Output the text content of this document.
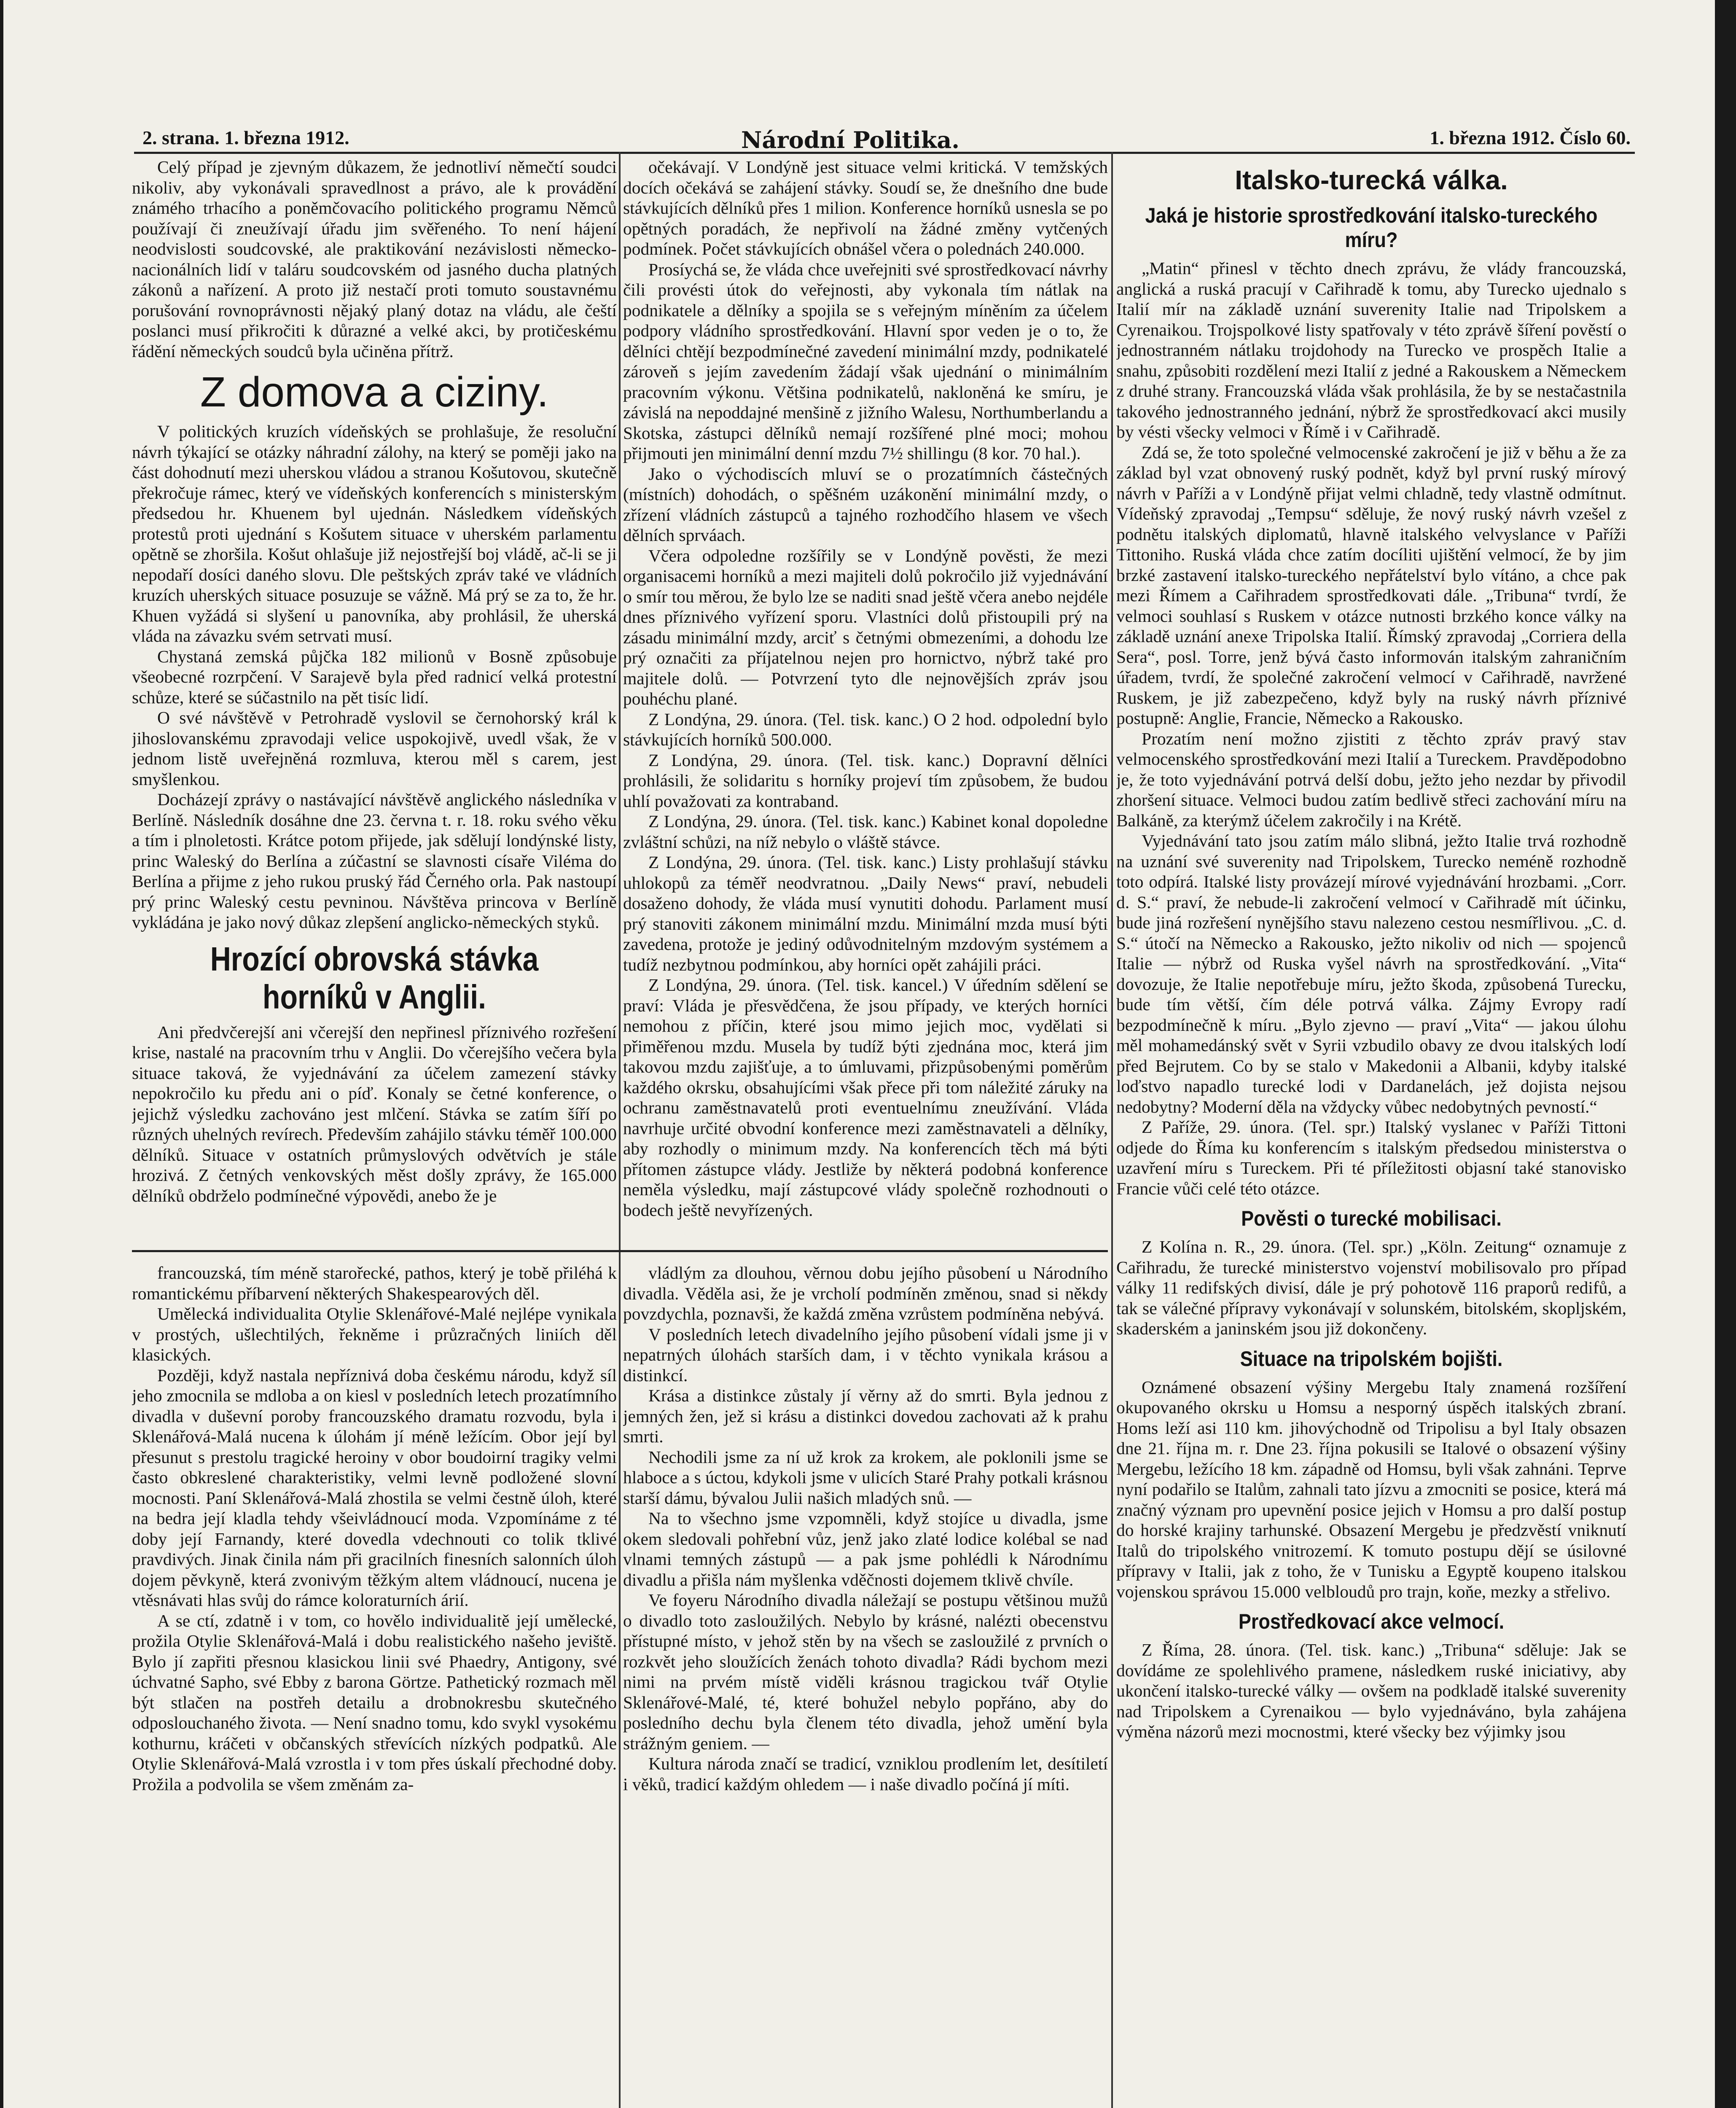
2. strana. 1. března 1912.	Národní Politika.	1. března 1912. Číslo 60.

Celý případ je zjevným důkazem, že jednotliví němečtí soudci nikoliv, aby vykonávali spravedlnost a právo, ale k provádění známého trhacího a poněmčovacího politického programu Němců používají či zneužívají úřadu jim svěřeného. To není hájení neodvislosti soudcovské, ale praktikování nezávislosti německo-nacionálních lidí v taláru soudcovském od jasného ducha platných zákonů a nařízení. A proto již nestačí proti tomuto soustavnému porušování rovnoprávnosti nějaký planý dotaz na vládu, ale čeští poslanci musí přikročiti k důrazné a velké akci, by protičeskému řádění německých soudců byla učiněna přítrž.

Z domova a ciziny.

V politických kruzích vídeňských se prohlašuje, že resoluční návrh týkající se otázky náhradní zálohy, na který se poměji jako na část dohodnutí mezi uherskou vládou a stranou Košutovou, skutečně překročuje rámec, který ve vídeňských konferencích s ministerským předsedou hr. Khuenem byl ujednán. Následkem vídeňských protestů proti ujednání s Košutem situace v uherském parlamentu opětně se zhoršila. Košut ohlašuje již nejostřejší boj vládě, ač-li se ji nepodaří dosíci daného slovu. Dle peštských zpráv také ve vládních kruzích uherských situace posuzuje se vážně. Má prý se za to, že hr. Khuen vyžádá si slyšení u panovníka, aby prohlásil, že uherská vláda na závazku svém setrvati musí.

Chystaná zemská půjčka 182 milionů v Bosně způsobuje všeobecné rozrpčení. V Sarajevě byla před radnicí velká protestní schůze, které se súčastnilo na pět tisíc lidí.

O své návštěvě v Petrohradě vyslovil se černohorský král k jihoslovanskému zpravodaji velice uspokojivě, uvedl však, že v jednom listě uveřejněná rozmluva, kterou měl s carem, jest smyšlenkou.

Docházejí zprávy o nastávající návštěvě anglického následníka v Berlíně. Následník dosáhne dne 23. června t. r. 18. roku svého věku a tím i plnoletosti. Krátce potom přijede, jak sdělují londýnské listy, princ Waleský do Berlína a zúčastní se slavnosti císaře Viléma do Berlína a přijme z jeho rukou pruský řád Černého orla. Pak nastoupí prý princ Waleský cestu pevninou. Návštěva princova v Berlíně vykládána je jako nový důkaz zlepšení anglicko-německých styků.

Hrozící obrovská stávka horníků v Anglii.

Ani předvčerejší ani včerejší den nepřinesl příznivého rozřešení krise, nastalé na pracovním trhu v Anglii. Do včerejšího večera byla situace taková, že vyjednávání za účelem zamezení stávky nepokročilo ku předu ani o píď. Konaly se četné konference, o jejichž výsledku zachováno jest mlčení. Stávka se zatím šíří po různých uhelných revírech. Především zahájilo stávku téměř 100.000 dělníků. Situace v ostatních průmyslových odvětvích je stále hrozivá. Z četných venkovských měst došly zprávy, že 165.000 dělníků obdrželo podmínečné výpovědi, anebo že je

očekávají. V Londýně jest situace velmi kritická. V temžských docích očekává se zahájení stávky. Soudí se, že dnešního dne bude stávkujících dělníků přes 1 milion. Konference horníků usnesla se po opětných poradách, že nepřivolí na žádné změny vytčených podmínek. Počet stávkujících obnášel včera o polednách 240.000.

Prosíychá se, že vláda chce uveřejniti své sprostředkovací návrhy čili provésti útok do veřejnosti, aby vykonala tím nátlak na podnikatele a dělníky a spojila se s veřejným míněním za účelem podpory vládního sprostředkování. Hlavní spor veden je o to, že dělníci chtějí bezpodmínečné zavedení minimální mzdy, podnikatelé zároveň s jejím zavedením žádají však ujednání o minimálním pracovním výkonu. Většina podnikatelů, nakloněná ke smíru, je závislá na nepoddajné menšině z jižního Walesu, Northumberlandu a Skotska, zástupci dělníků nemají rozšířené plné moci; mohou přijmouti jen minimální denní mzdu 7½ shillingu (8 kor. 70 hal.).

Jako o východiscích mluví se o prozatímních částečných (místních) dohodách, o spěšném uzákonění minimální mzdy, o zřízení vládních zástupců a tajného rozhodčího hlasem ve všech dělních sprváach.

Včera odpoledne rozšířily se v Londýně pověsti, že mezi organisacemi horníků a mezi majiteli dolů pokročilo již vyjednávání o smír tou měrou, že bylo lze se naditi snad ještě včera anebo nejdéle dnes příznivého vyřízení sporu. Vlastníci dolů přistoupili prý na zásadu minimální mzdy, arciť s četnými obmezeními, a dohodu lze prý označiti za příjatelnou nejen pro hornictvo, nýbrž také pro majitele dolů. — Potvrzení tyto dle nejnovějších zpráv jsou pouhéchu plané.

Z Londýna, 29. února. (Tel. tisk. kanc.) O 2 hod. odpolední bylo stávkujících horníků 500.000.

Z Londýna, 29. února. (Tel. tisk. kanc.) Dopravní dělníci prohlásili, že solidaritu s horníky projeví tím způsobem, že budou uhlí považovati za kontraband.

Z Londýna, 29. února. (Tel. tisk. kanc.) Kabinet konal dopoledne zvláštní schůzi, na níž nebylo o vláště stávce.

Z Londýna, 29. února. (Tel. tisk. kanc.) Listy prohlašují stávku uhlokopů za téměř neodvratnou. „Daily News“ praví, nebudeli dosaženo dohody, že vláda musí vynutiti dohodu. Parlament musí prý stanoviti zákonem minimální mzdu. Minimální mzda musí býti zavedena, protože je jediný odůvodnitelným mzdovým systémem a tudíž nezbytnou podmínkou, aby horníci opět zahájili práci.

Z Londýna, 29. února. (Tel. tisk. kancel.) V úředním sdělení se praví: Vláda je přesvědčena, že jsou případy, ve kterých horníci nemohou z příčin, které jsou mimo jejich moc, vydělati si přiměřenou mzdu. Musela by tudíž býti zjednána moc, která jim takovou mzdu zajišťuje, a to úmluvami, přizpůsobenými poměrům každého okrsku, obsahujícími však přece při tom náležité záruky na ochranu zaměstnavatelů proti eventuelnímu zneužívání. Vláda navrhuje určité obvodní konference mezi zaměstnavateli a dělníky, aby rozhodly o minimum mzdy. Na konferencích těch má býti přítomen zástupce vlády. Jestliže by některá podobná konference neměla výsledku, mají zástupcové vlády společně rozhodnouti o bodech ještě nevyřízených.

Italsko-turecká válka.
Jaká je historie sprostředkování italsko-tureckého míru?

„Matin“ přinesl v těchto dnech zprávu, že vlády francouzská, anglická a ruská pracují v Cařihradě k tomu, aby Turecko ujednalo s Italií mír na základě uznání suverenity Italie nad Tripolskem a Cyrenaikou. Trojspolkové listy spatřovaly v této zprávě šíření pověstí o jednostranném nátlaku trojdohody na Turecko ve prospěch Italie a snahu, způsobiti rozdělení mezi Italií z jedné a Rakouskem a Německem z druhé strany. Francouzská vláda však prohlásila, že by se nestačastnila takového jednostranného jednání, nýbrž že sprostředkovací akci musily by vésti všecky velmoci v Římě i v Cařihradě.

Zdá se, že toto společné velmocenské zakročení je již v běhu a že za základ byl vzat obnovený ruský podnět, když byl první ruský mírový návrh v Paříži a v Londýně přijat velmi chladně, tedy vlastně odmítnut. Vídeňský zpravodaj „Tempsu“ sděluje, že nový ruský návrh vzešel z podnětu italských diplomatů, hlavně italského velvyslance v Paříži Tittoniho. Ruská vláda chce zatím docíliti ujištění velmocí, že by jim brzké zastavení italsko-tureckého nepřátelství bylo vítáno, a chce pak mezi Římem a Cařihradem sprostředkovati dále. „Tribuna“ tvrdí, že velmoci souhlasí s Ruskem v otázce nutnosti brzkého konce války na základě uznání anexe Tripolska Italií. Římský zpravodaj „Corriera della Sera“, posl. Torre, jenž bývá často informován italským zahraničním úřadem, tvrdí, že společné zakročení velmocí v Cařihradě, navržené Ruskem, je již zabezpečeno, když byly na ruský návrh příznivé postupně: Anglie, Francie, Německo a Rakousko.

Prozatím není možno zjistiti z těchto zpráv pravý stav velmocenského sprostředkování mezi Italií a Tureckem. Pravděpodobno je, že toto vyjednávání potrvá delší dobu, ježto jeho nezdar by přivodil zhoršení situace. Velmoci budou zatím bedlivě střeci zachování míru na Balkáně, za kterýmž účelem zakročily i na Krétě.

Vyjednávání tato jsou zatím málo slibná, ježto Italie trvá rozhodně na uznání své suverenity nad Tripolskem, Turecko neméně rozhodně toto odpírá. Italské listy provázejí mírové vyjednávání hrozbami. „Corr. d. S.“ praví, že nebude-li zakročení velmocí v Cařihradě mít účinku, bude jiná rozřešení nynějšího stavu nalezeno cestou nesmířlivou. „C. d. S.“ útočí na Německo a Rakousko, ježto nikoliv od nich — spojenců Italie — nýbrž od Ruska vyšel návrh na sprostředkování. „Vita“ dovozuje, že Italie nepotřebuje míru, ježto škoda, způsobená Turecku, bude tím větší, čím déle potrvá válka. Zájmy Evropy radí bezpodmínečně k míru. „Bylo zjevno — praví „Vita“ — jakou úlohu měl mohamedánský svět v Syrii vzbudilo obavy ze dvou italských lodí před Bejrutem. Co by se stalo v Makedonii a Albanii, kdyby italské loďstvo napadlo turecké lodi v Dardanelách, jež dojista nejsou nedobytny? Moderní děla na vždycky vůbec nedobytných pevností.“

Z Paříže, 29. února. (Tel. spr.) Italský vyslanec v Paříži Tittoni odjede do Říma ku konferencím s italským předsedou ministerstva o uzavření míru s Tureckem. Při té příležitosti objasní také stanovisko Francie vůči celé této otázce.

Pověsti o turecké mobilisaci.

Z Kolína n. R., 29. února. (Tel. spr.) „Köln. Zeitung“ oznamuje z Cařihradu, že turecké ministerstvo vojenství mobilisovalo pro případ války 11 redifských divisí, dále je prý pohotově 116 praporů redifů, a tak se válečné přípravy vykonávají v solunském, bitolském, skopljském, skaderském a janinském jsou již dokončeny.

Situace na tripolském bojišti.

Oznámené obsazení výšiny Mergebu Italy znamená rozšíření okupovaného okrsku u Homsu a nesporný úspěch italských zbraní. Homs leží asi 110 km. jihovýchodně od Tripolisu a byl Italy obsazen dne 21. října m. r. Dne 23. října pokusili se Italové o obsazení výšiny Mergebu, ležícího 18 km. západně od Homsu, byli však zahnáni. Teprve nyní podařilo se Italům, zahnali tato jízvu a zmocniti se posice, která má značný význam pro upevnění posice jejich v Homsu a pro další postup do horské krajiny tarhunské. Obsazení Mergebu je předzvěstí vniknutí Italů do tripolského vnitrozemí. K tomuto postupu dějí se úsilovné přípravy v Italii, jak z toho, že v Tunisku a Egyptě koupeno italskou vojenskou správou 15.000 velbloudů pro trajn, koňe, mezky a střelivo.

Prostředkovací akce velmocí.

Z Říma, 28. února. (Tel. tisk. kanc.) „Tribuna“ sděluje: Jak se dovídáme ze spolehlivého pramene, následkem ruské iniciativy, aby ukončení italsko-turecké války — ovšem na podkladě italské suverenity nad Tripolskem a Cyrenaikou — bylo vyjednáváno, byla zahájena výměna názorů mezi mocnostmi, které všecky bez výjimky jsou

francouzská, tím méně starořecké, pathos, který je tobě přiléhá k romantickému příbarvení některých Shakespearových děl.

Umělecká individualita Otylie Sklenářové-Malé nejlépe vynikala v prostých, ušlechtilých, řekněme i průzračných liniích děl klasických.

Později, když nastala nepříznivá doba českému národu, když síl jeho zmocnila se mdloba a on kiesl v posledních letech prozatímního divadla v duševní poroby francouzského dramatu rozvodu, byla i Sklenářová-Malá nucena k úlohám jí méně ležícím. Obor její byl přesunut s prestolu tragické heroiny v obor boudoirní tragiky velmi často obkreslené charakteristiky, velmi levně podložené slovní mocnosti. Paní Sklenářová-Malá zhostila se velmi čestně úloh, které na bedra její kladla tehdy všeivládnoucí moda. Vzpomínáme z té doby její Farnandy, které dovedla vdechnouti co tolik tklivé pravdivých. Jinak činila nám při gracilních finesních salonních úloh dojem pěvkyně, která zvonivým těžkým altem vládnoucí, nucena je vtěsnávati hlas svůj do rámce koloraturních árií.

A se ctí, zdatně i v tom, co hovělo individualitě její umělecké, prožila Otylie Sklenářová-Malá i dobu realistického našeho jeviště. Bylo jí zapřiti přesnou klasickou linii své Phaedry, Antigony, své úchvatné Sapho, své Ebby z barona Görtze. Pathetický rozmach měl být stlačen na postřeh detailu a drobnokresbu skutečného odposlouchaného života. — Není snadno tomu, kdo svykl vysokému kothurnu, kráčeti v občanských střevících nízkých podpatků. Ale Otylie Sklenářová-Malá vzrostla i v tom přes úskalí přechodné doby. Prožila a podvolila se všem změnám za-

vládlým za dlouhou, věrnou dobu jejího působení u Národního divadla. Věděla asi, že je vrcholí podmíněn změnou, snad si někdy povzdychla, poznavši, že každá změna vzrůstem podmíněna nebývá.

V posledních letech divadelního jejího působení vídali jsme ji v nepatrných úlohách starších dam, i v těchto vynikala krásou a distinkcí.

Krása a distinkce zůstaly jí věrny až do smrti. Byla jednou z jemných žen, jež si krásu a distinkci dovedou zachovati až k prahu smrti.

Nechodili jsme za ní už krok za krokem, ale poklonili jsme se hlaboce a s úctou, kdykoli jsme v ulicích Staré Prahy potkali krásnou starší dámu, bývalou Julii našich mladých snů. —

Na to všechno jsme vzpomněli, když stojíce u divadla, jsme okem sledovali pohřební vůz, jenž jako zlaté lodice kolébal se nad vlnami temných zástupů — a pak jsme pohlédli k Národnímu divadlu a přišla nám myšlenka vděčnosti dojemem tklivě chvíle.

Ve foyeru Národního divadla náležají se postupu většinou mužů o divadlo toto zasloužilých. Nebylo by krásné, nalézti obecenstvu přístupné místo, v jehož stěn by na všech se zasloužilé z prvních o rozkvět jeho sloužících ženách tohoto divadla? Rádi bychom mezi nimi na prvém místě viděli krásnou tragickou tvář Otylie Sklenářové-Malé, té, které bohužel nebylo popřáno, aby do posledního dechu byla členem této divadla, jehož umění byla strážným geniem. —

Kultura národa značí se tradicí, vzniklou prodlením let, desítiletí i věků, tradicí každým ohledem — i naše divadlo počíná jí míti.
